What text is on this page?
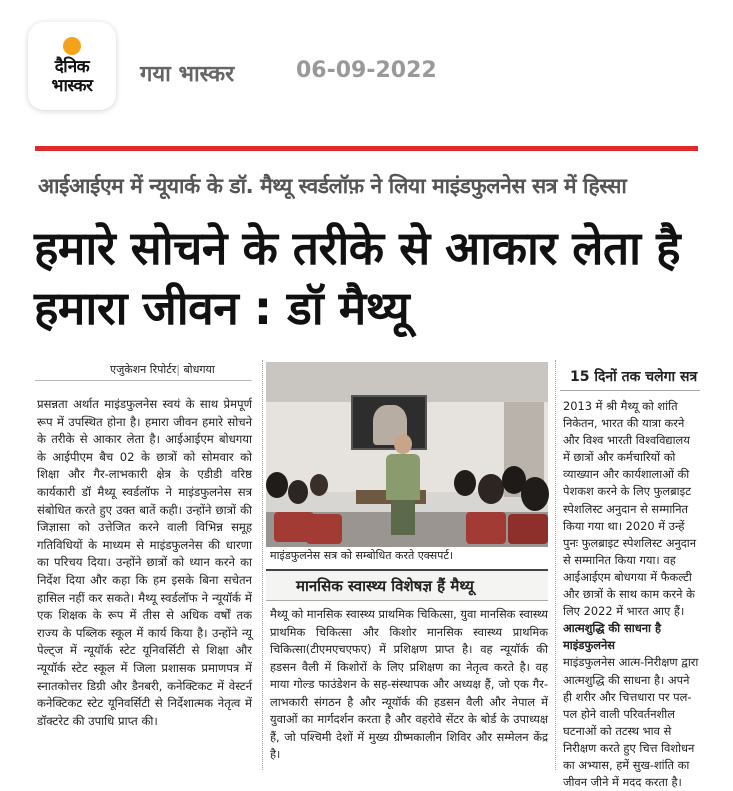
दैनिक
भास्कर गया भास्कर	06-09-2022
आईआईएम में न्यूयार्क के डॉ. मैथ्यू स्वर्डलॉफ़ ने लिया माइंडफुलनेस सत्र में हिस्सा
हमारे सोचने के तरीके से आकार लेता है हमारा जीवन : डॉ मैथ्यू
एजुकेशन रिपोर्टर| बोधगया
प्रसन्नता अर्थात माइंडफुलनेस स्वयं के साथ प्रेमपूर्ण रूप में उपस्थित होना है। हमारा जीवन हमारे सोचने के तरीके से आकार लेता है। आईआईएम बोधगया के आईपीएम बैच 02 के छात्रों को सोमवार को शिक्षा और गैर-लाभकारी क्षेत्र के एडीडी वरिष्ठ कार्यकारी डॉ मैथ्यू स्वर्डलॉफ ने माइंडफुलनेस सत्र संबोधित करते हुए उक्त बातें कही। उन्होंने छात्रों की जिज्ञासा को उत्तेजित करने वाली विभिन्न समूह गतिविधियों के माध्यम से माइंडफुलनेस की धारणा का परिचय दिया। उन्होंने छात्रों को ध्यान करने का निर्देश दिया और कहा कि हम इसके बिना सचेतन हासिल नहीं कर सकते। मैथ्यू स्वर्डलॉफ ने न्यूयॉर्क में एक शिक्षक के रूप में तीस से अधिक वर्षों तक राज्य के पब्लिक स्कूल में कार्य किया है। उन्होंने न्यू पेल्ट्ज में न्यूयॉर्क स्टेट यूनिवर्सिटी से शिक्षा और न्यूयॉर्क स्टेट स्कूल में जिला प्रशासक प्रमाणपत्र में स्नातकोत्तर डिग्री और डैनबरी, कनेक्टिकट में वेस्टर्न कनेक्टिकट स्टेट यूनिवर्सिटी से निर्देशात्मक नेतृत्व में डॉक्टरेट की उपाधि प्राप्त की।
माइंडफुलनेस सत्र को सम्बोधित करते एक्सपर्ट।
मानसिक स्वास्थ्य विशेषज्ञ हैं मैथ्यू
मैथ्यू को मानसिक स्वास्थ्य प्राथमिक चिकित्सा, युवा मानसिक स्वास्थ्य प्राथमिक चिकित्सा और किशोर मानसिक स्वास्थ्य प्राथमिक चिकित्सा(टीएमएचएफए) में प्रशिक्षण प्राप्त है। वह न्यूयॉर्क की हडसन वैली में किशोरों के लिए प्रशिक्षण का नेतृत्व करते है। वह माया गोल्ड फाउंडेशन के सह-संस्थापक और अध्यक्ष हैं, जो एक गैर-लाभकारी संगठन है और न्यूयॉर्क की हडसन वैली और नेपाल में युवाओं का मार्गदर्शन करता है और वहरोवे सेंटर के बोर्ड के उपाध्यक्ष हैं, जो पश्चिमी देशों में मुख्य ग्रीष्मकालीन शिविर और सम्मेलन केंद्र है।
15 दिनों तक चलेगा सत्र
2013 में श्री मैथ्यू को शांति निकेतन, भारत की यात्रा करने और विश्व भारती विश्वविद्यालय में छात्रों और कर्मचारियों को व्याख्यान और कार्यशालाओं की पेशकश करने के लिए फुलब्राइट स्पेशलिस्ट अनुदान से सम्मानित किया गया था। 2020 में उन्हें पुनः फुलब्राइट स्पेशलिस्ट अनुदान से सम्मानित किया गया। वह आईआईएम बोधगया में फैकल्टी और छात्रों के साथ काम करने के लिए 2022 में भारत आए हैं।
आत्मशुद्धि की साधना है माइंडफुलनेस
माइंडफुलनेस आत्म-निरीक्षण द्वारा आत्मशुद्धि की साधना है। अपने ही शरीर और चित्तधारा पर पल-पल होने वाली परिवर्तनशील घटनाओं को तटस्थ भाव से निरीक्षण करते हुए चित्त विशोधन का अभ्यास, हमें सुख-शांति का जीवन जीने में मदद करता है।
